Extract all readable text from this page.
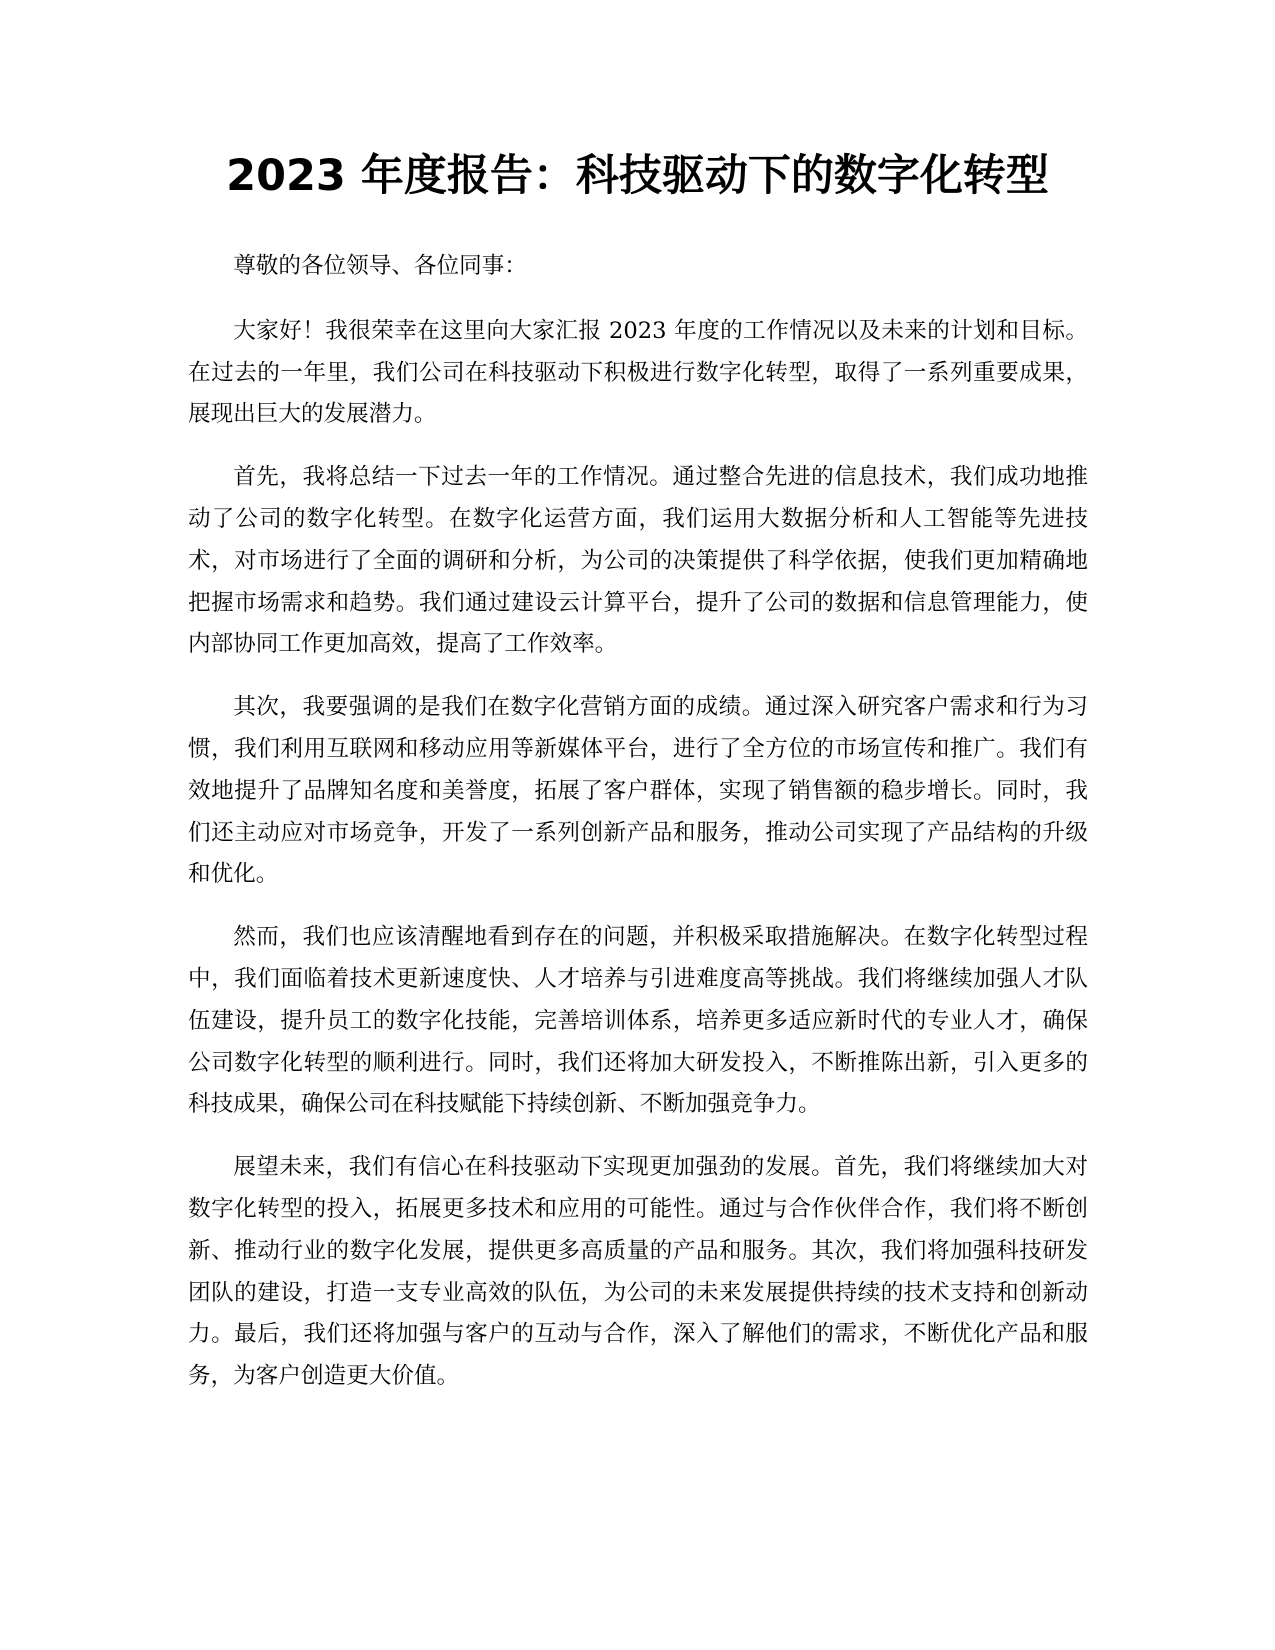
2023 年度报告：科技驱动下的数字化转型

尊敬的各位领导、各位同事：

大家好！我很荣幸在这里向大家汇报 2023 年度的工作情况以及未来的计划和目标。在过去的一年里，我们公司在科技驱动下积极进行数字化转型，取得了一系列重要成果，展现出巨大的发展潜力。

首先，我将总结一下过去一年的工作情况。通过整合先进的信息技术，我们成功地推动了公司的数字化转型。在数字化运营方面，我们运用大数据分析和人工智能等先进技术，对市场进行了全面的调研和分析，为公司的决策提供了科学依据，使我们更加精确地把握市场需求和趋势。我们通过建设云计算平台，提升了公司的数据和信息管理能力，使内部协同工作更加高效，提高了工作效率。

其次，我要强调的是我们在数字化营销方面的成绩。通过深入研究客户需求和行为习惯，我们利用互联网和移动应用等新媒体平台，进行了全方位的市场宣传和推广。我们有效地提升了品牌知名度和美誉度，拓展了客户群体，实现了销售额的稳步增长。同时，我们还主动应对市场竞争，开发了一系列创新产品和服务，推动公司实现了产品结构的升级和优化。

然而，我们也应该清醒地看到存在的问题，并积极采取措施解决。在数字化转型过程中，我们面临着技术更新速度快、人才培养与引进难度高等挑战。我们将继续加强人才队伍建设，提升员工的数字化技能，完善培训体系，培养更多适应新时代的专业人才，确保公司数字化转型的顺利进行。同时，我们还将加大研发投入，不断推陈出新，引入更多的科技成果，确保公司在科技赋能下持续创新、不断加强竞争力。

展望未来，我们有信心在科技驱动下实现更加强劲的发展。首先，我们将继续加大对数字化转型的投入，拓展更多技术和应用的可能性。通过与合作伙伴合作，我们将不断创新、推动行业的数字化发展，提供更多高质量的产品和服务。其次，我们将加强科技研发团队的建设，打造一支专业高效的队伍，为公司的未来发展提供持续的技术支持和创新动力。最后，我们还将加强与客户的互动与合作，深入了解他们的需求，不断优化产品和服务，为客户创造更大价值。
